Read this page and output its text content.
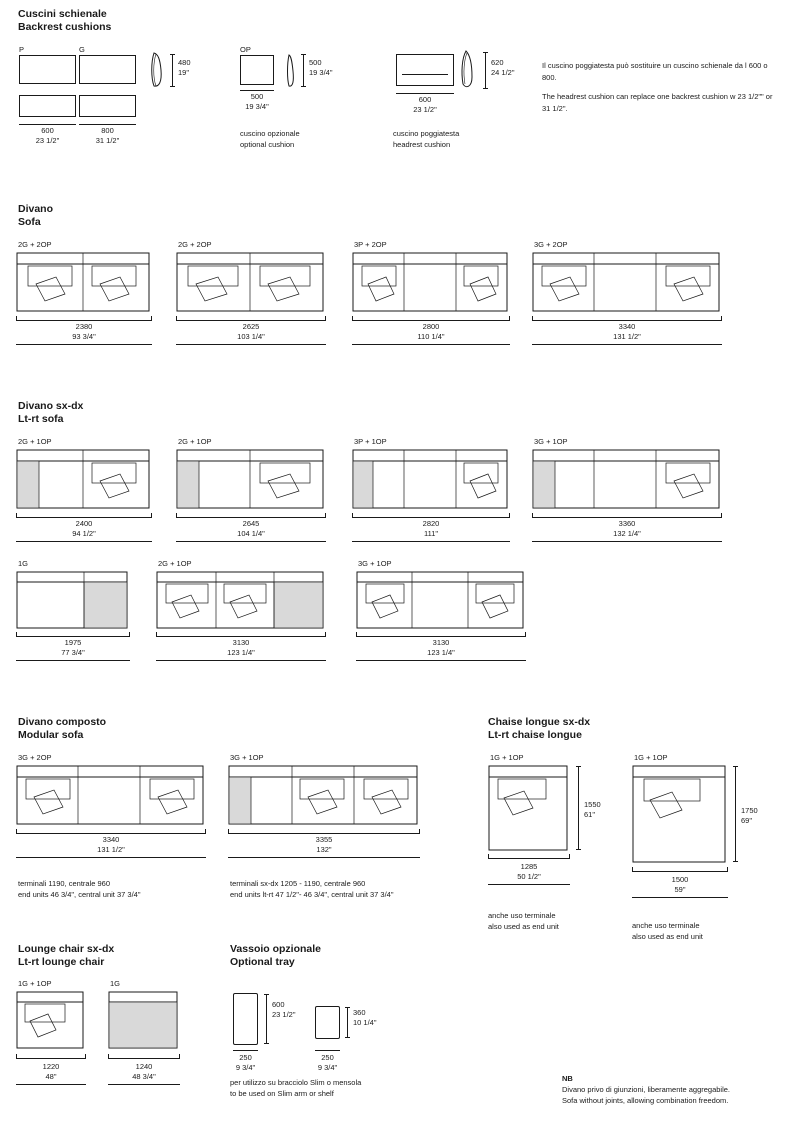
Cuscini schienale
Backrest cushions
P	G	OP
480
19"
600
23 1/2"
800
31 1/2"
500
19 3/4"
500
19 3/4"
cuscino opzionale
optional cushion
620
24 1/2"
600
23 1/2"
cuscino poggiatesta
headrest cushion
Il cuscino poggiatesta può sostituire un cuscino schienale da l 600 o 800.
The headrest cushion can replace one backrest cushion w 23 1/2"" or 31 1/2".
Divano
Sofa
2G + 2OP
2380
93 3/4"
2G + 2OP
2625
103 1/4"
3P + 2OP
2800
110 1/4"
3G + 2OP
3340
131 1/2"
Divano sx-dx
Lt-rt sofa
2G + 1OP
2400
94 1/2"
2G + 1OP
2645
104 1/4"
3P + 1OP
2820
111"
3G + 1OP
3360
132 1/4"
1G
1975
77 3/4"
2G + 1OP
3130
123 1/4"
3G + 1OP
3130
123 1/4"
Divano composto
Modular sofa
3G + 2OP
3340
131 1/2"
terminali 1190, centrale 960
end units 46 3/4", central unit 37 3/4"
3G + 1OP
3355
132"
terminali sx-dx 1205 - 1190, centrale 960
end units lt-rt 47 1/2"- 46 3/4", central unit 37 3/4"
Chaise longue sx-dx
Lt-rt chaise longue
1G + 1OP
1550
61"
1285
50 1/2"
anche uso terminale
also used as end unit
1G + 1OP
1750
69"
1500
59"
anche uso terminale
also used as end unit
Lounge chair sx-dx
Lt-rt lounge chair
1G + 1OP
1220
48"
1G
1240
48 3/4"
Vassoio opzionale
Optional tray
600
23 1/2"
250
9 3/4"
360
10 1/4"
250
9 3/4"
per utilizzo su bracciolo Slim o mensola
to be used on Slim arm or shelf
NB
Divano privo di giunzioni, liberamente aggregabile.
Sofa without joints, allowing combination freedom.
